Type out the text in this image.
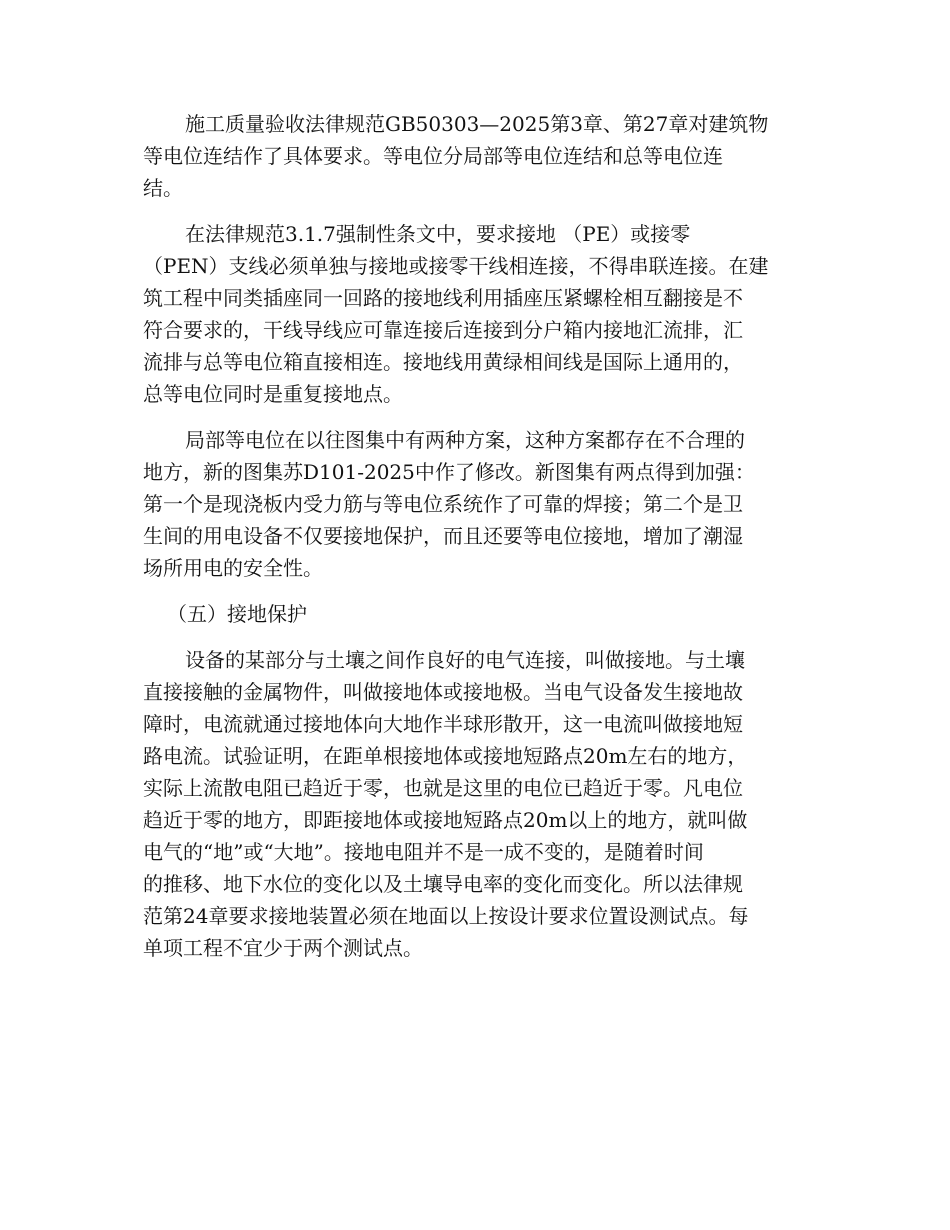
施工质量验收法律规范GB50303—2025第3章、第27章对建筑物
等电位连结作了具体要求。等电位分局部等电位连结和总等电位连
结。
在法律规范3.1.7强制性条文中，要求接地 （PE）或接零
（PEN）支线必须单独与接地或接零干线相连接，不得串联连接。在建
筑工程中同类插座同一回路的接地线利用插座压紧螺栓相互翻接是不
符合要求的，干线导线应可靠连接后连接到分户箱内接地汇流排，汇
流排与总等电位箱直接相连。接地线用黄绿相间线是国际上通用的，
总等电位同时是重复接地点。
局部等电位在以往图集中有两种方案，这种方案都存在不合理的
地方，新的图集苏D101-2025中作了修改。新图集有两点得到加强：
第一个是现浇板内受力筋与等电位系统作了可靠的焊接；第二个是卫
生间的用电设备不仅要接地保护，而且还要等电位接地，增加了潮湿
场所用电的安全性。
（五）接地保护
设备的某部分与土壤之间作良好的电气连接，叫做接地。与土壤
直接接触的金属物件，叫做接地体或接地极。当电气设备发生接地故
障时，电流就通过接地体向大地作半球形散开，这一电流叫做接地短
路电流。试验证明，在距单根接地体或接地短路点20m左右的地方，
实际上流散电阻已趋近于零，也就是这里的电位已趋近于零。凡电位
趋近于零的地方，即距接地体或接地短路点20m以上的地方，就叫做
电气的“地”或“大地”。接地电阻并不是一成不变的，是随着时间
的推移、地下水位的变化以及土壤导电率的变化而变化。所以法律规
范第24章要求接地装置必须在地面以上按设计要求位置设测试点。每
单项工程不宜少于两个测试点。
